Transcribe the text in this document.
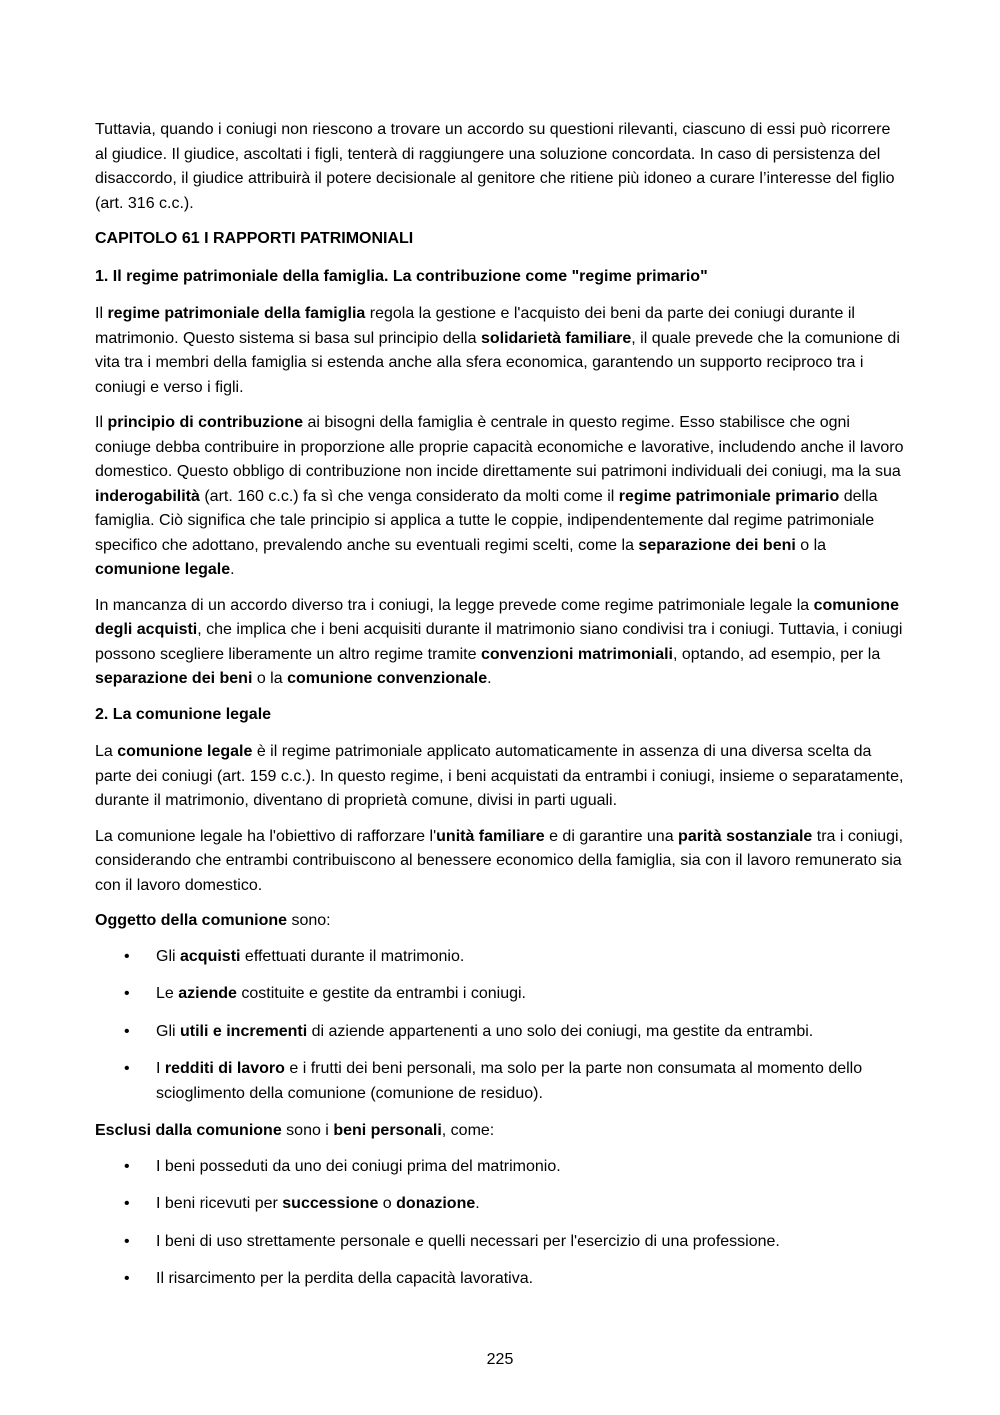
Tuttavia, quando i coniugi non riescono a trovare un accordo su questioni rilevanti, ciascuno di essi può ricorrere al giudice. Il giudice, ascoltati i figli, tenterà di raggiungere una soluzione concordata. In caso di persistenza del disaccordo, il giudice attribuirà il potere decisionale al genitore che ritiene più idoneo a curare l’interesse del figlio (art. 316 c.c.).

CAPITOLO 61 I RAPPORTI PATRIMONIALI

1. Il regime patrimoniale della famiglia. La contribuzione come "regime primario"

Il regime patrimoniale della famiglia regola la gestione e l'acquisto dei beni da parte dei coniugi durante il matrimonio. Questo sistema si basa sul principio della solidarietà familiare, il quale prevede che la comunione di vita tra i membri della famiglia si estenda anche alla sfera economica, garantendo un supporto reciproco tra i coniugi e verso i figli.

Il principio di contribuzione ai bisogni della famiglia è centrale in questo regime. Esso stabilisce che ogni coniuge debba contribuire in proporzione alle proprie capacità economiche e lavorative, includendo anche il lavoro domestico. Questo obbligo di contribuzione non incide direttamente sui patrimoni individuali dei coniugi, ma la sua inderogabilità (art. 160 c.c.) fa sì che venga considerato da molti come il regime patrimoniale primario della famiglia. Ciò significa che tale principio si applica a tutte le coppie, indipendentemente dal regime patrimoniale specifico che adottano, prevalendo anche su eventuali regimi scelti, come la separazione dei beni o la comunione legale.

In mancanza di un accordo diverso tra i coniugi, la legge prevede come regime patrimoniale legale la comunione degli acquisti, che implica che i beni acquisiti durante il matrimonio siano condivisi tra i coniugi. Tuttavia, i coniugi possono scegliere liberamente un altro regime tramite convenzioni matrimoniali, optando, ad esempio, per la separazione dei beni o la comunione convenzionale.

2. La comunione legale

La comunione legale è il regime patrimoniale applicato automaticamente in assenza di una diversa scelta da parte dei coniugi (art. 159 c.c.). In questo regime, i beni acquistati da entrambi i coniugi, insieme o separatamente, durante il matrimonio, diventano di proprietà comune, divisi in parti uguali.

La comunione legale ha l'obiettivo di rafforzare l'unità familiare e di garantire una parità sostanziale tra i coniugi, considerando che entrambi contribuiscono al benessere economico della famiglia, sia con il lavoro remunerato sia con il lavoro domestico.

Oggetto della comunione sono:

• Gli acquisti effettuati durante il matrimonio.
• Le aziende costituite e gestite da entrambi i coniugi.
• Gli utili e incrementi di aziende appartenenti a uno solo dei coniugi, ma gestite da entrambi.
• I redditi di lavoro e i frutti dei beni personali, ma solo per la parte non consumata al momento dello scioglimento della comunione (comunione de residuo).

Esclusi dalla comunione sono i beni personali, come:

• I beni posseduti da uno dei coniugi prima del matrimonio.
• I beni ricevuti per successione o donazione.
• I beni di uso strettamente personale e quelli necessari per l'esercizio di una professione.
• Il risarcimento per la perdita della capacità lavorativa.
225
